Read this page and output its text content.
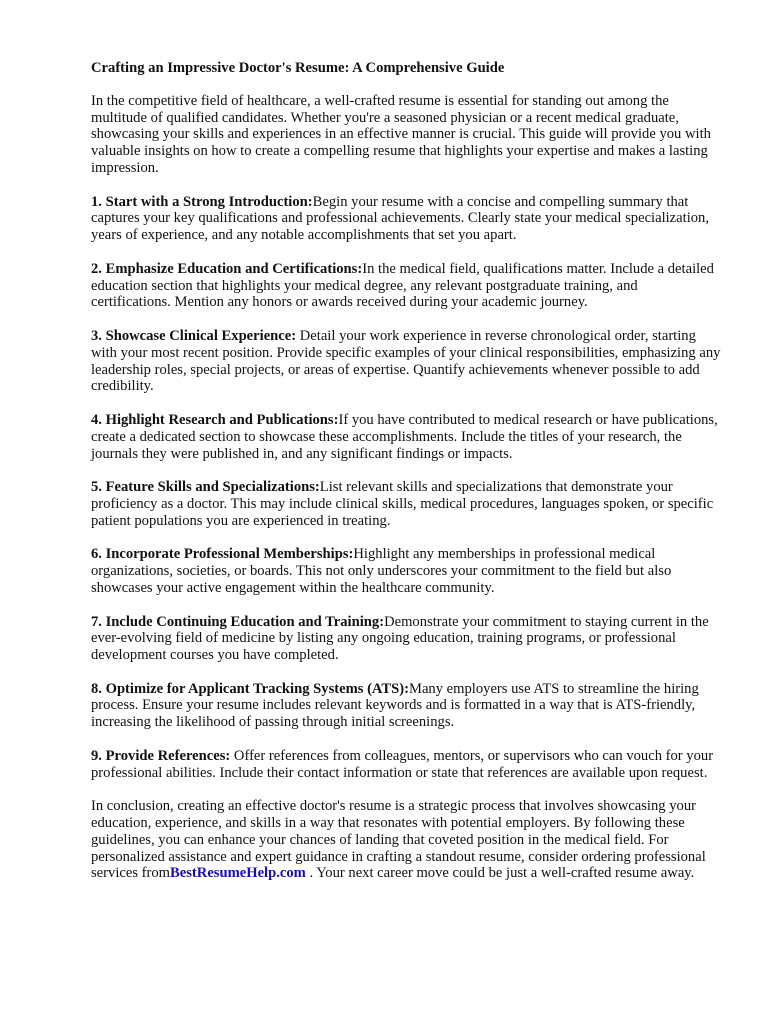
Crafting an Impressive Doctor's Resume: A Comprehensive Guide

In the competitive field of healthcare, a well-crafted resume is essential for standing out among the multitude of qualified candidates. Whether you're a seasoned physician or a recent medical graduate, showcasing your skills and experiences in an effective manner is crucial. This guide will provide you with valuable insights on how to create a compelling resume that highlights your expertise and makes a lasting impression.

1. Start with a Strong Introduction:Begin your resume with a concise and compelling summary that captures your key qualifications and professional achievements. Clearly state your medical specialization, years of experience, and any notable accomplishments that set you apart.

2. Emphasize Education and Certifications:In the medical field, qualifications matter. Include a detailed education section that highlights your medical degree, any relevant postgraduate training, and certifications. Mention any honors or awards received during your academic journey.

3. Showcase Clinical Experience: Detail your work experience in reverse chronological order, starting with your most recent position. Provide specific examples of your clinical responsibilities, emphasizing any leadership roles, special projects, or areas of expertise. Quantify achievements whenever possible to add credibility.

4. Highlight Research and Publications:If you have contributed to medical research or have publications, create a dedicated section to showcase these accomplishments. Include the titles of your research, the journals they were published in, and any significant findings or impacts.

5. Feature Skills and Specializations:List relevant skills and specializations that demonstrate your proficiency as a doctor. This may include clinical skills, medical procedures, languages spoken, or specific patient populations you are experienced in treating.

6. Incorporate Professional Memberships:Highlight any memberships in professional medical organizations, societies, or boards. This not only underscores your commitment to the field but also showcases your active engagement within the healthcare community.

7. Include Continuing Education and Training:Demonstrate your commitment to staying current in the ever-evolving field of medicine by listing any ongoing education, training programs, or professional development courses you have completed.

8. Optimize for Applicant Tracking Systems (ATS):Many employers use ATS to streamline the hiring process. Ensure your resume includes relevant keywords and is formatted in a way that is ATS-friendly, increasing the likelihood of passing through initial screenings.

9. Provide References: Offer references from colleagues, mentors, or supervisors who can vouch for your professional abilities. Include their contact information or state that references are available upon request.

In conclusion, creating an effective doctor's resume is a strategic process that involves showcasing your education, experience, and skills in a way that resonates with potential employers. By following these guidelines, you can enhance your chances of landing that coveted position in the medical field. For personalized assistance and expert guidance in crafting a standout resume, consider ordering professional services fromBestResumeHelp.com . Your next career move could be just a well-crafted resume away.
